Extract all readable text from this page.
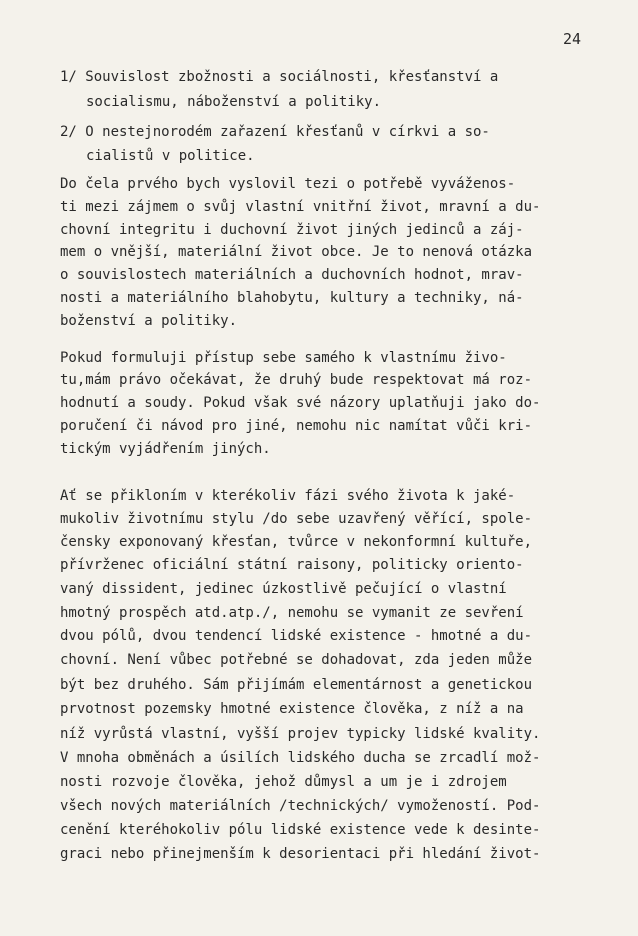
24
1/ Souvislost zbožnosti a sociálnosti, křesťanství a
socialismu, náboženství a politiky.
2/ O nestejnorodém zařazení křesťanů v církvi a so-
cialistů v politice.
Do čela prvého bych vyslovil tezi o potřebě vyváženos-
ti mezi zájmem o svůj vlastní vnitřní život, mravní a du-
chovní integritu i duchovní život jiných jedinců a záj-
mem o vnější, materiální život obce. Je to nenová otázka
o souvislostech materiálních a duchovních hodnot, mrav-
nosti a materiálního blahobytu, kultury a techniky, ná-
boženství a politiky.
Pokud formuluji přístup sebe samého k vlastnímu živo-
tu,mám právo očekávat, že druhý bude respektovat má roz-
hodnutí a soudy. Pokud však své názory uplatňuji jako do-
poručení či návod pro jiné, nemohu nic namítat vůči kri-
tickým vyjádřením jiných.
Ať se přikloním v kterékoliv fázi svého života k jaké-
mukoliv životnímu stylu /do sebe uzavřený věřící, spole-
čensky exponovaný křesťan, tvůrce v nekonformní kultuře,
přívrženec oficiální státní raisony, politicky oriento-
vaný dissident, jedinec úzkostlivě pečující o vlastní
hmotný prospěch atd.atp./, nemohu se vymanit ze sevření
dvou pólů, dvou tendencí lidské existence - hmotné a du-
chovní. Není vůbec potřebné se dohadovat, zda jeden může
být bez druhého. Sám přijímám elementárnost a genetickou
prvotnost pozemsky hmotné existence člověka, z níž a na
níž vyrůstá vlastní, vyšší projev typicky lidské kvality.
V mnoha obměnách a úsilích lidského ducha se zrcadlí mož-
nosti rozvoje člověka, jehož důmysl a um je i zdrojem
všech nových materiálních /technických/ vymožeností. Pod-
cenění kteréhokoliv pólu lidské existence vede k desinte-
graci nebo přinejmenším k desorientaci při hledání život-
